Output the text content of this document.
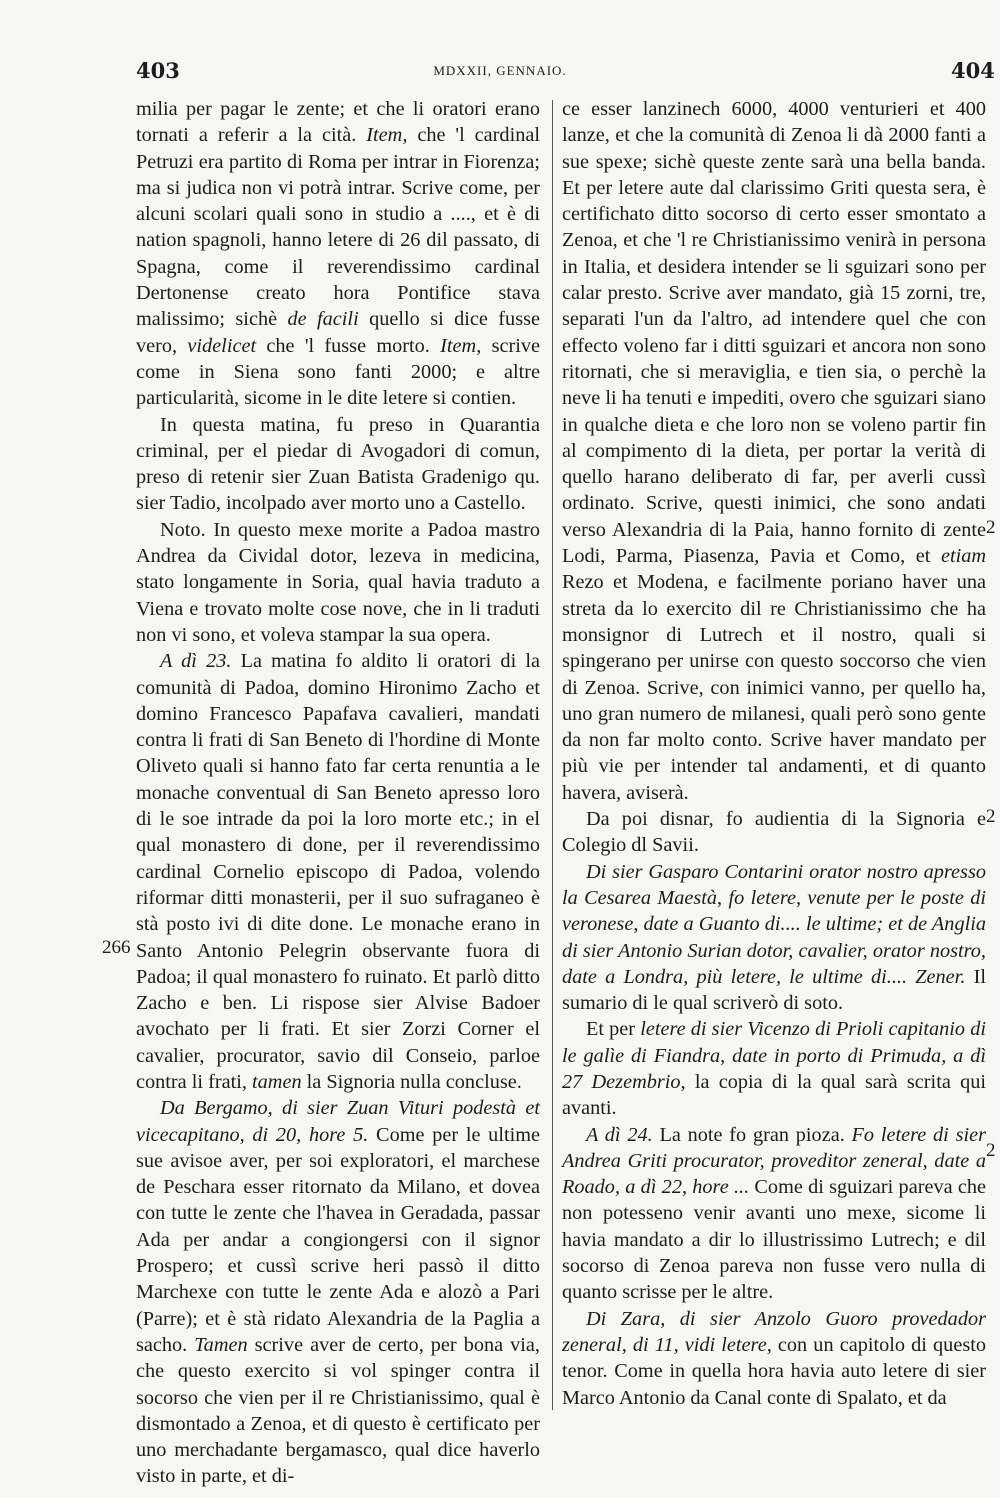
403	MDXXII, GENNAIO.	404
266
2
2
2

milia per pagar le zente; et che li oratori erano tornati a referir a la cità. Item, che 'l cardinal Petruzi era partito di Roma per intrar in Fiorenza; ma si judica non vi potrà intrar. Scrive come, per alcuni scolari quali sono in studio a ...., et è di nation spagnoli, hanno letere di 26 dil passato, di Spagna, come il reverendissimo cardinal Dertonense creato hora Pontifice stava malissimo; sichè de facili quello si dice fusse vero, videlicet che 'l fusse morto. Item, scrive come in Siena sono fanti 2000; e altre particularità, sicome in le dite letere si contien.

In questa matina, fu preso in Quarantia criminal, per el piedar di Avogadori di comun, preso di retenir sier Zuan Batista Gradenigo qu. sier Tadio, incolpado aver morto uno a Castello.

Noto. In questo mexe morite a Padoa mastro Andrea da Cividal dotor, lezeva in medicina, stato longamente in Soria, qual havia traduto a Viena e trovato molte cose nove, che in li traduti non vi sono, et voleva stampar la sua opera.

A dì 23. La matina fo aldito li oratori di la comunità di Padoa, domino Hironimo Zacho et domino Francesco Papafava cavalieri, mandati contra li frati di San Beneto di l'hordine di Monte Oliveto quali si hanno fato far certa renuntia a le monache conventual di San Beneto apresso loro di le soe intrade da poi la loro morte etc.; in el qual monastero di done, per il reverendissimo cardinal Cornelio episcopo di Padoa, volendo riformar ditti monasterii, per il suo sufraganeo è stà posto ivi di dite done. Le monache erano in Santo Antonio Pelegrin observante fuora di Padoa; il qual monastero fo ruinato. Et parlò ditto Zacho e ben. Li rispose sier Alvise Badoer avochato per li frati. Et sier Zorzi Corner el cavalier, procurator, savio dil Conseio, parloe contra li frati, tamen la Signoria nulla concluse.

Da Bergamo, di sier Zuan Vituri podestà et vicecapitano, di 20, hore 5. Come per le ultime sue avisoe aver, per soi exploratori, el marchese de Peschara esser ritornato da Milano, et dovea con tutte le zente che l'havea in Geradada, passar Ada per andar a congiongersi con il signor Prospero; et cussì scrive heri passò il ditto Marchexe con tutte le zente Ada e alozò a Pari (Parre); et è stà ridato Alexandria de la Paglia a sacho. Tamen scrive aver de certo, per bona via, che questo exercito si vol spinger contra il socorso che vien per il re Christianissimo, qual è dismontado a Zenoa, et di questo è certificato per uno merchadante bergamasco, qual dice haverlo visto in parte, et di-

ce esser lanzinech 6000, 4000 venturieri et 400 lanze, et che la comunità di Zenoa li dà 2000 fanti a sue spexe; sichè queste zente sarà una bella banda. Et per letere aute dal clarissimo Griti questa sera, è certifichato ditto socorso di certo esser smontato a Zenoa, et che 'l re Christianissimo venirà in persona in Italia, et desidera intender se li sguizari sono per calar presto. Scrive aver mandato, già 15 zorni, tre, separati l'un da l'altro, ad intendere quel che con effecto voleno far i ditti sguizari et ancora non sono ritornati, che si meraviglia, e tien sia, o perchè la neve li ha tenuti e impediti, overo che sguizari siano in qualche dieta e che loro non se voleno partir fin al compimento di la dieta, per portar la verità di quello harano deliberato di far, per averli cussì ordinato. Scrive, questi inimici, che sono andati verso Alexandria di la Paia, hanno fornito di zente Lodi, Parma, Piasenza, Pavia et Como, et etiam Rezo et Modena, e facilmente poriano haver una streta da lo exercito dil re Christianissimo che ha monsignor di Lutrech et il nostro, quali si spingerano per unirse con questo soccorso che vien di Zenoa. Scrive, con inimici vanno, per quello ha, uno gran numero de milanesi, quali però sono gente da non far molto conto. Scrive haver mandato per più vie per intender tal andamenti, et di quanto havera, aviserà.

Da poi disnar, fo audientia di la Signoria e Colegio dl Savii.

Di sier Gasparo Contarini orator nostro apresso la Cesarea Maestà, fo letere, venute per le poste di veronese, date a Guanto di.... le ultime; et de Anglia di sier Antonio Surian dotor, cavalier, orator nostro, date a Londra, più letere, le ultime di.... Zener. Il sumario di le qual scriverò di soto.

Et per letere di sier Vicenzo di Prioli capitanio di le galìe di Fiandra, date in porto di Primuda, a dì 27 Dezembrio, la copia di la qual sarà scrita qui avanti.

A dì 24. La note fo gran pioza. Fo letere di sier Andrea Griti procurator, proveditor zeneral, date a Roado, a dì 22, hore ... Come di sguizari pareva che non potesseno venir avanti uno mexe, sicome li havia mandato a dir lo illustrissimo Lutrech; e dil socorso di Zenoa pareva non fusse vero nulla di quanto scrisse per le altre.

Di Zara, di sier Anzolo Guoro provedador zeneral, di 11, vidi letere, con un capitolo di questo tenor. Come in quella hora havia auto letere di sier Marco Antonio da Canal conte di Spalato, et da
